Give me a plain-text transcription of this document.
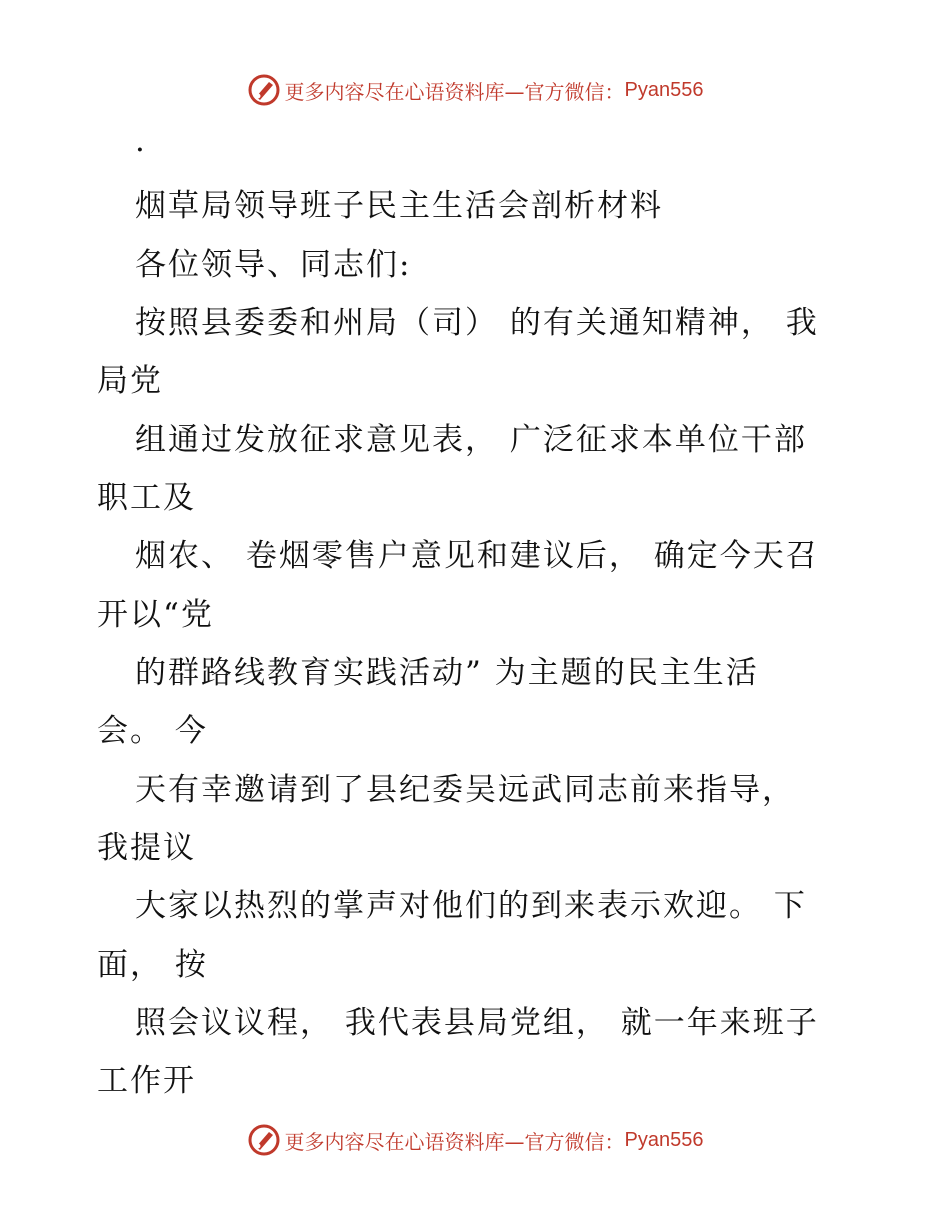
更多内容尽在心语资料库—官方微信： Pyan556
·
烟草局领导班子民主生活会剖析材料
各位领导、同志们:
按照县委委和州局（司） 的有关通知精神， 我
局党
组通过发放征求意见表， 广泛征求本单位干部
职工及
烟农、 卷烟零售户意见和建议后， 确定今天召
开以“党
的群路线教育实践活动” 为主题的民主生活
会。 今
天有幸邀请到了县纪委吴远武同志前来指导，
我提议
大家以热烈的掌声对他们的到来表示欢迎。 下
面， 按
照会议议程， 我代表县局党组， 就一年来班子
工作开
更多内容尽在心语资料库—官方微信： Pyan556
